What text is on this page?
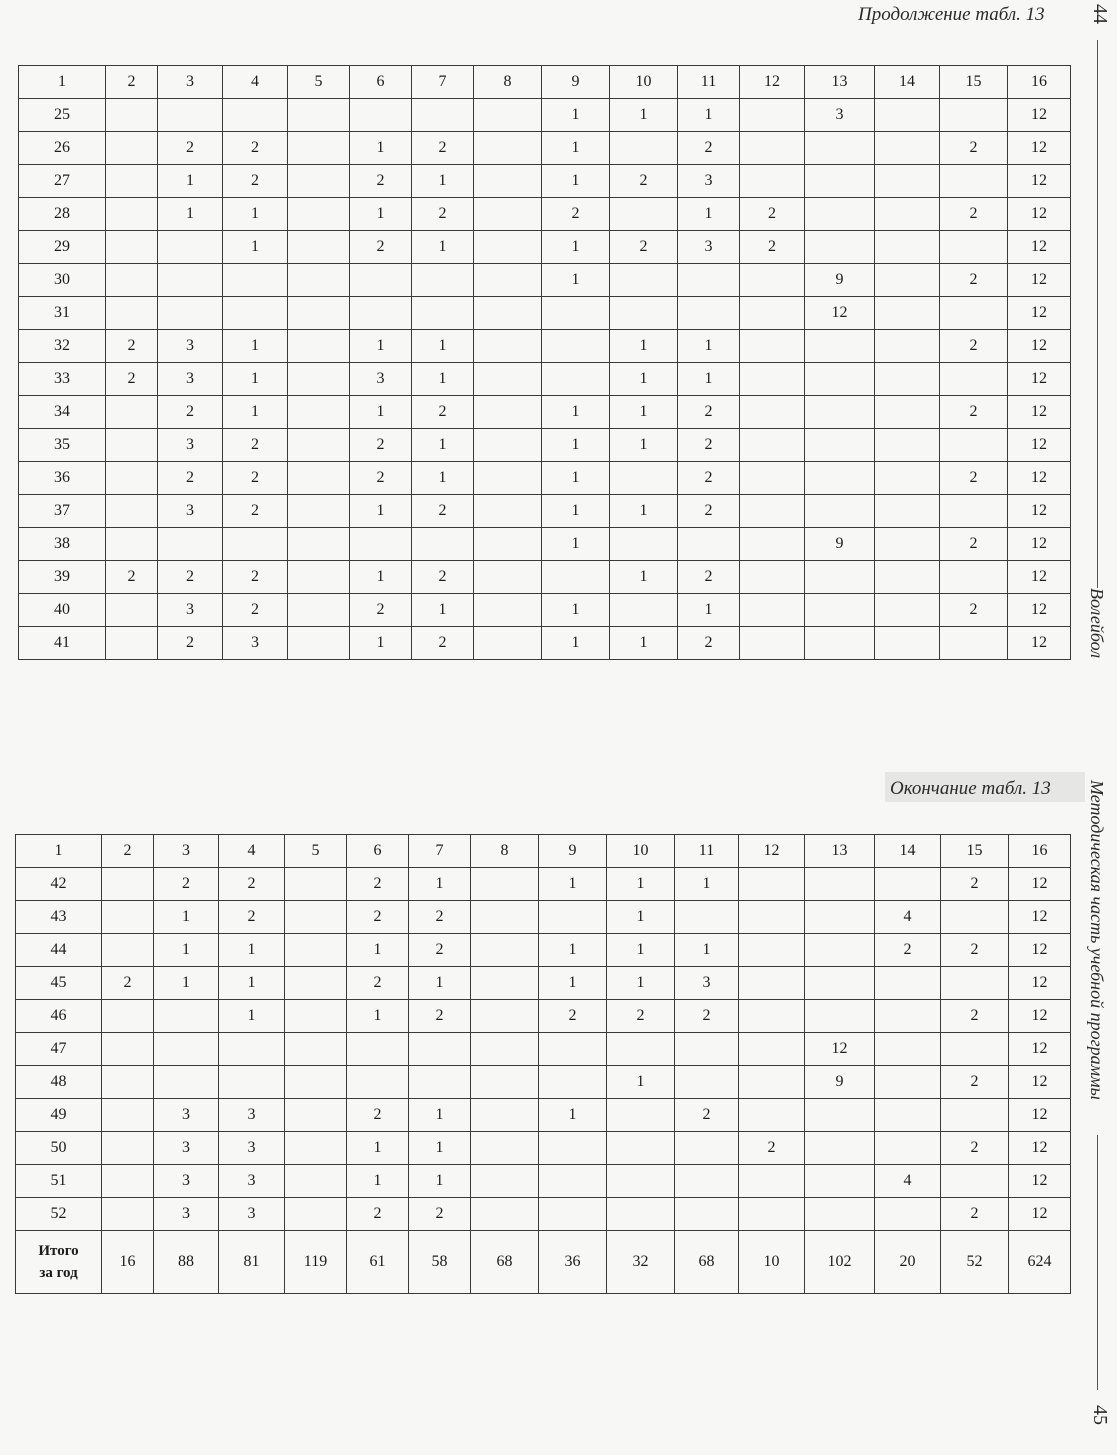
Продолжение табл. 13 44
Волейбол
1	2	3	4	5	6	7	8	9	10	11	12	13	14	15	16
25								1	1	1		3			12
26		2	2		1	2		1		2				2	12
27		1	2		2	1		1	2	3					12
28		1	1		1	2		2		1	2			2	12
29			1		2	1		1	2	3	2				12
30								1				9		2	12
31												12			12
32	2	3	1		1	1			1	1				2	12
33	2	3	1		3	1			1	1					12
34		2	1		1	2		1	1	2				2	12
35		3	2		2	1		1	1	2					12
36		2	2		2	1		1		2				2	12
37		3	2		1	2		1	1	2					12
38								1				9		2	12
39	2	2	2		1	2			1	2					12
40		3	2		2	1		1		1				2	12
41		2	3		1	2		1	1	2					12
Окончание табл. 13 Методическая часть учебной программы
45
1	2	3	4	5	6	7	8	9	10	11	12	13	14	15	16
42		2	2		2	1		1	1	1				2	12
43		1	2		2	2			1				4		12
44		1	1		1	2		1	1	1			2	2	12
45	2	1	1		2	1		1	1	3					12
46			1		1	2		2	2	2				2	12
47												12			12
48									1			9		2	12
49		3	3		2	1		1		2					12
50		3	3		1	1					2			2	12
51		3	3		1	1							4		12
52		3	3		2	2								2	12
Итого
за год	16	88	81	119	61	58	68	36	32	68	10	102	20	52	624
